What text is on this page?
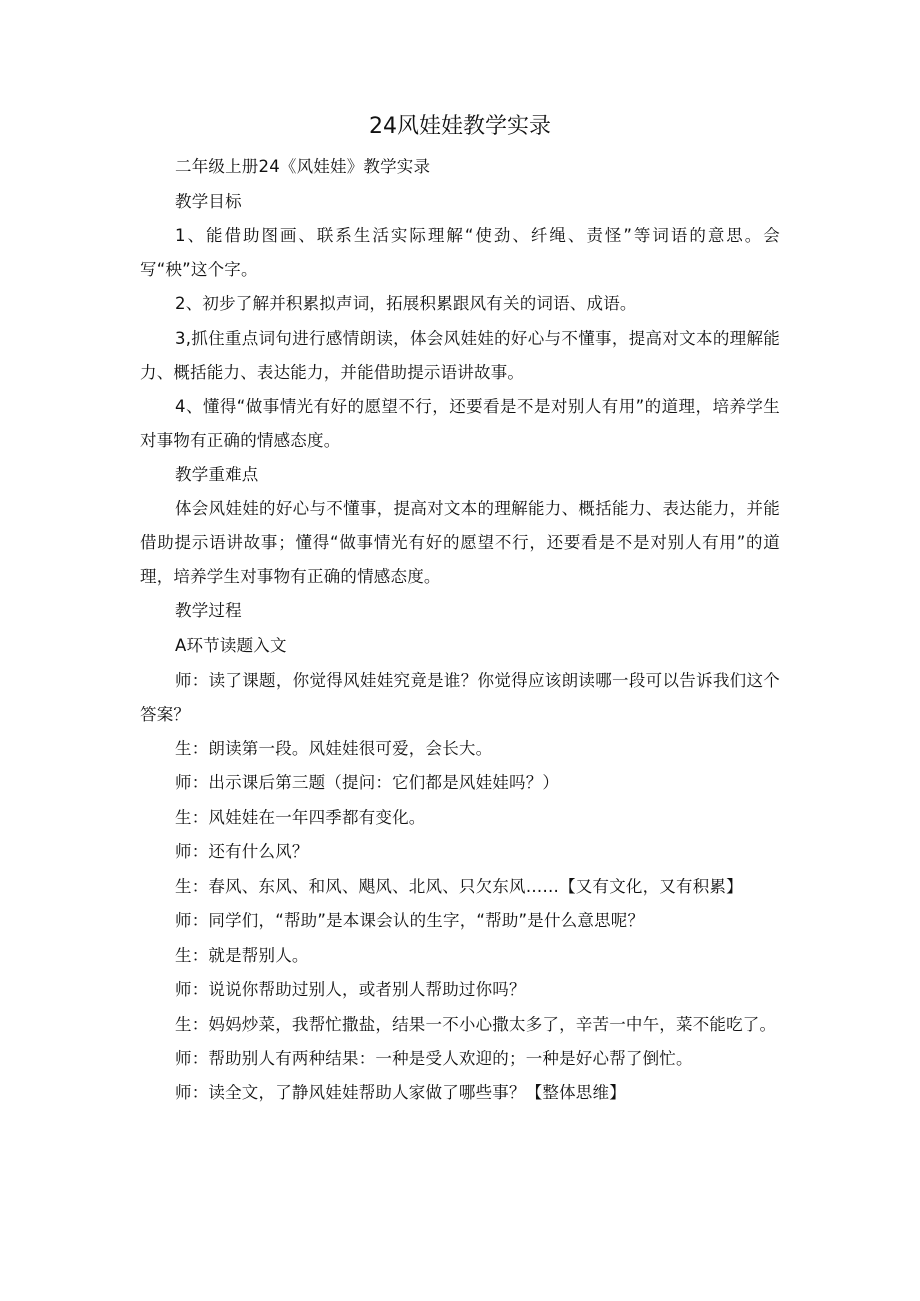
24风娃娃教学实录

二年级上册24《风娃娃》教学实录

教学目标

1、能借助图画、联系生活实际理解“使劲、纤绳、责怪”等词语的意思。会写“秧”这个字。

2、初步了解并积累拟声词，拓展积累跟风有关的词语、成语。

3,抓住重点词句进行感情朗读，体会风娃娃的好心与不懂事，提高对文本的理解能力、概括能力、表达能力，并能借助提示语讲故事。

4、懂得“做事情光有好的愿望不行，还要看是不是对别人有用”的道理，培养学生对事物有正确的情感态度。

教学重难点

体会风娃娃的好心与不懂事，提高对文本的理解能力、概括能力、表达能力，并能借助提示语讲故事；懂得“做事情光有好的愿望不行，还要看是不是对别人有用”的道理，培养学生对事物有正确的情感态度。

教学过程

A环节读题入文

师：读了课题，你觉得风娃娃究竟是谁？你觉得应该朗读哪一段可以告诉我们这个答案？

生：朗读第一段。风娃娃很可爱，会长大。

师：出示课后第三题（提问：它们都是风娃娃吗？）

生：风娃娃在一年四季都有变化。

师：还有什么风？

生：春风、东风、和风、飓风、北风、只欠东风……【又有文化，又有积累】

师：同学们，“帮助”是本课会认的生字，“帮助”是什么意思呢？

生：就是帮别人。

师：说说你帮助过别人，或者别人帮助过你吗？

生：妈妈炒菜，我帮忙撒盐，结果一不小心撒太多了，辛苦一中午，菜不能吃了。

师：帮助别人有两种结果：一种是受人欢迎的；一种是好心帮了倒忙。

师：读全文，了静风娃娃帮助人家做了哪些事？【整体思维】
